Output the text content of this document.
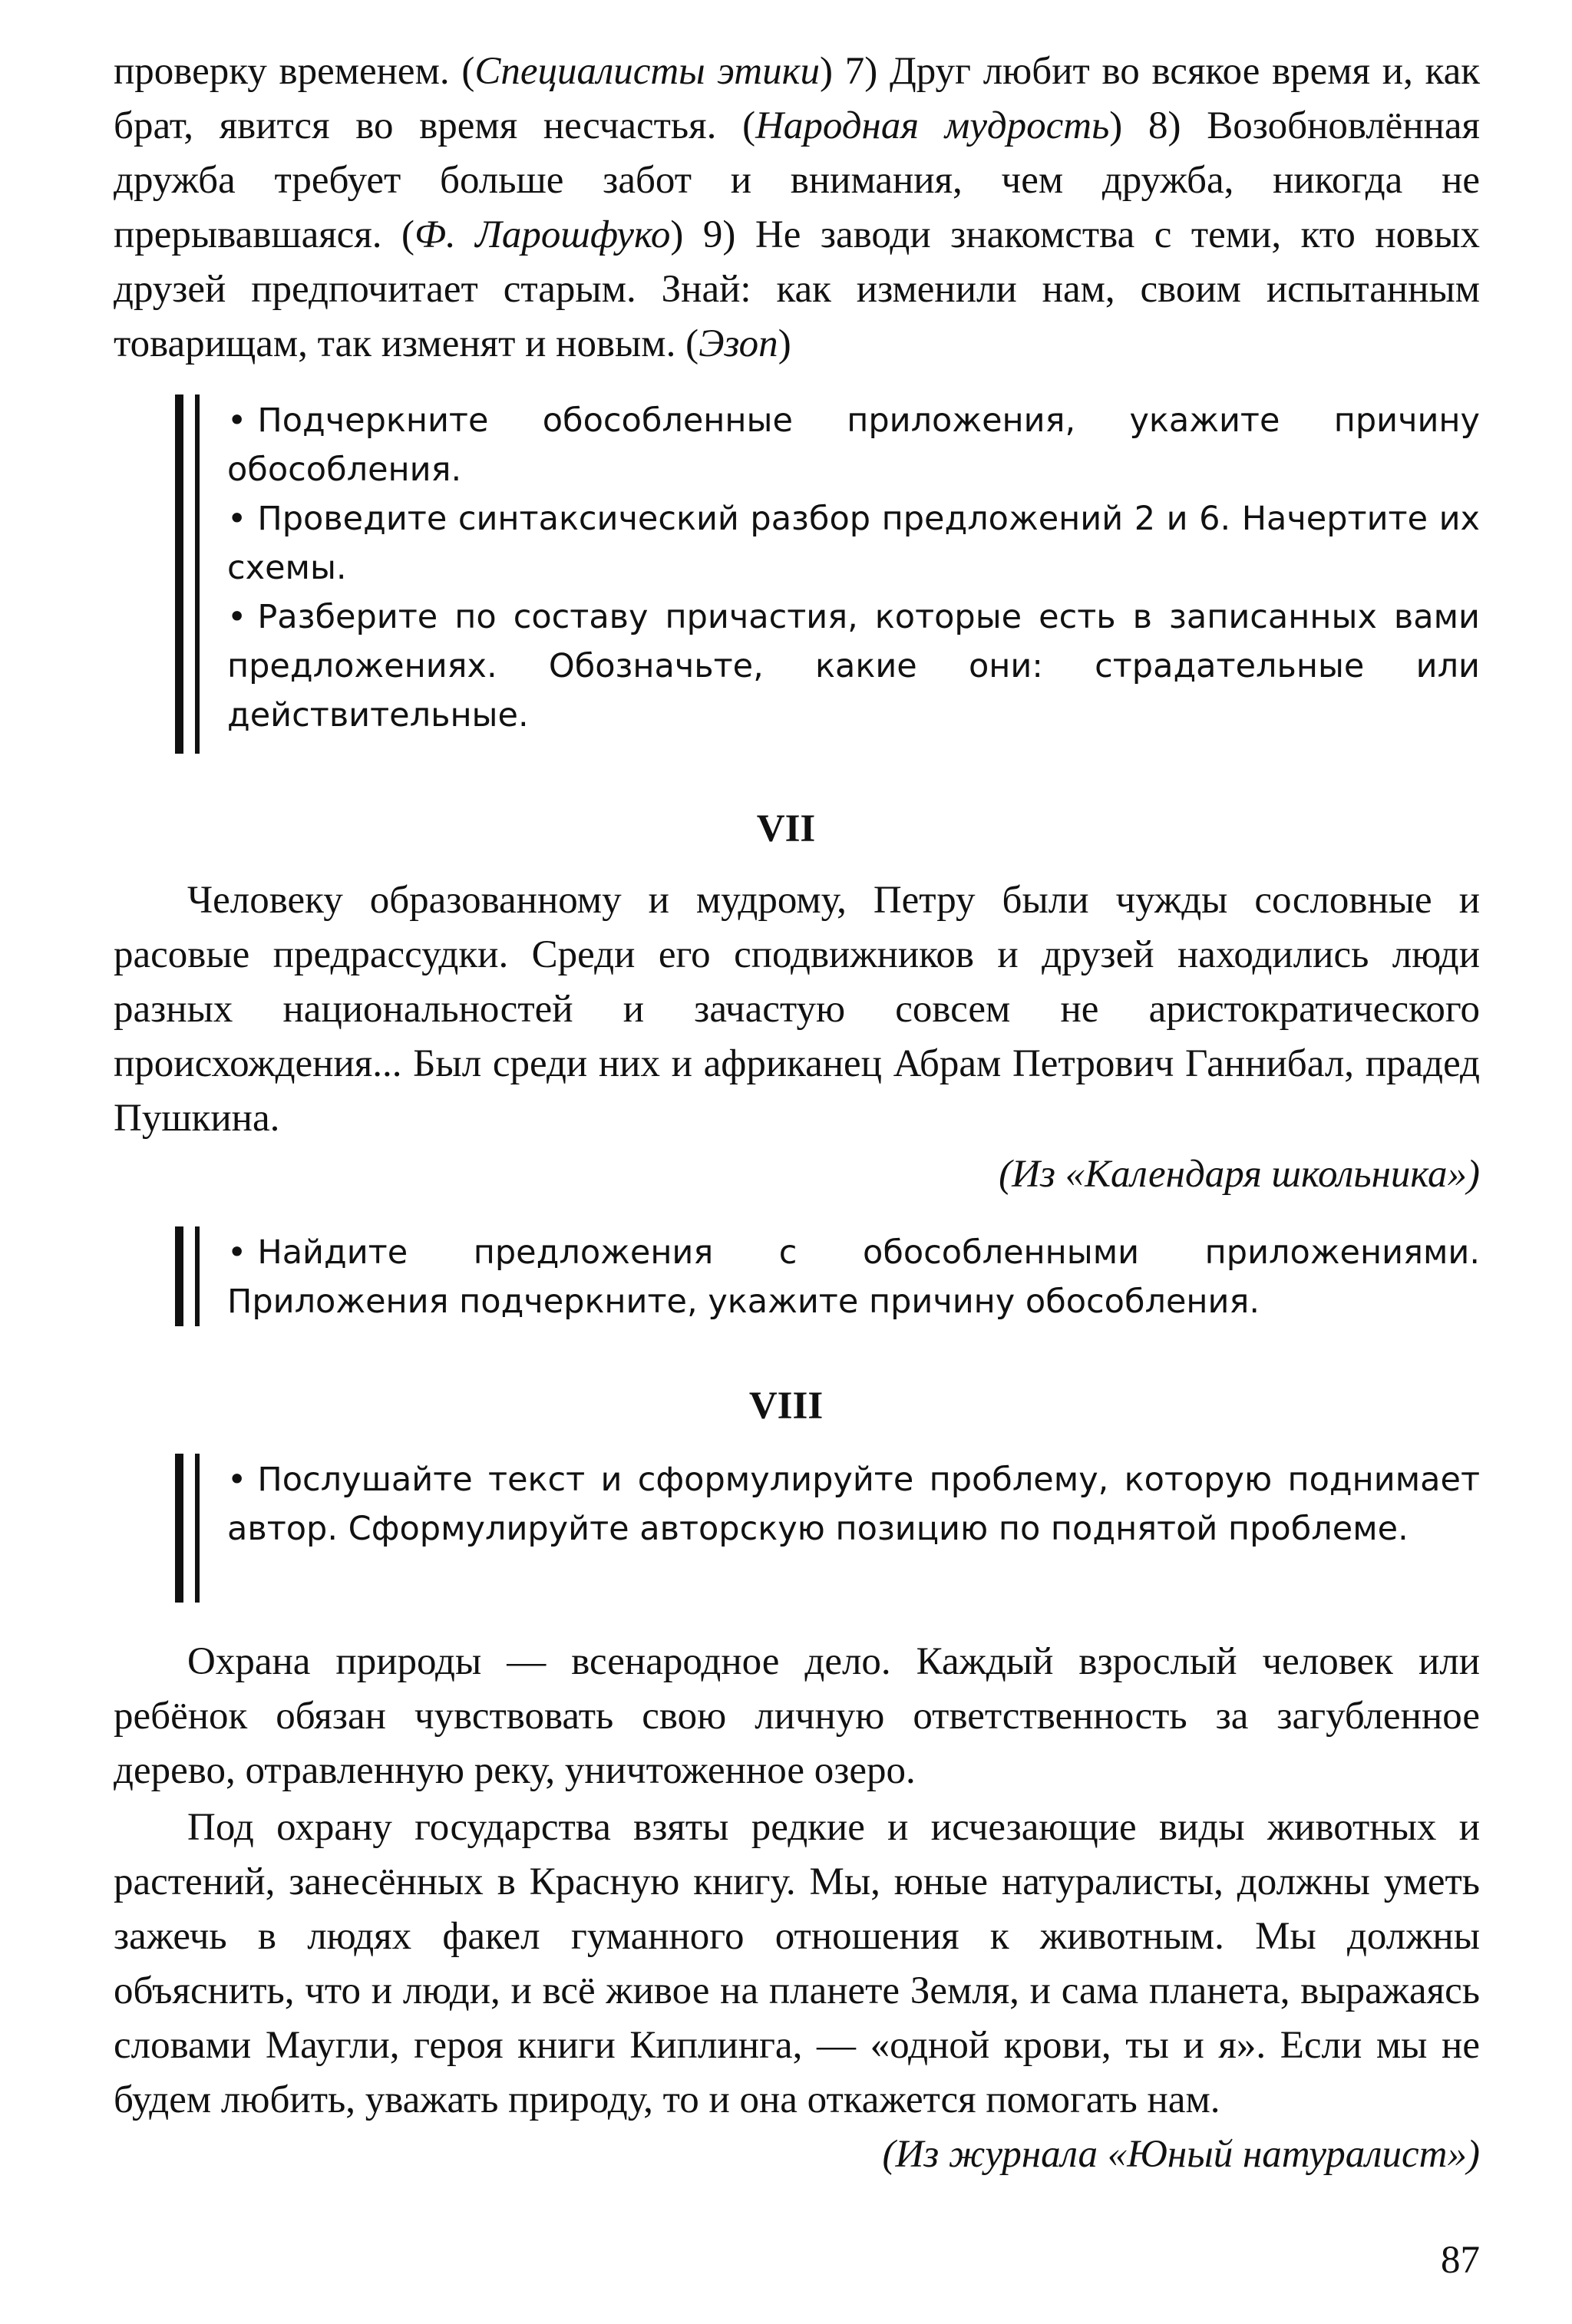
проверку временем. (Специалисты этики) 7) Друг любит во всякое время и, как брат, явится во время несчастья. (Народная мудрость) 8) Возобновлённая дружба требует больше забот и внимания, чем дружба, никогда не прерывавшаяся. (Ф. Ларошфуко) 9) Не заводи знакомства с теми, кто новых друзей предпочитает старым. Знай: как изменили нам, своим испытанным товарищам, так изменят и новым. (Эзоп)

• Подчеркните обособленные приложения, укажите причину обособления.
• Проведите синтаксический разбор предложений 2 и 6. Начертите их схемы.
• Разберите по составу причастия, которые есть в записанных вами предложениях. Обозначьте, какие они: страдательные или действительные.

VII

Человеку образованному и мудрому, Петру были чужды сословные и расовые предрассудки. Среди его сподвижников и друзей находились люди разных национальностей и зачастую совсем не аристократического происхождения... Был среди них и африканец Абрам Петрович Ганнибал, прадед Пушкина.

(Из «Календаря школьника»)

• Найдите предложения с обособленными приложениями. Приложения подчеркните, укажите причину обособления.

VIII

• Послушайте текст и сформулируйте проблему, которую поднимает автор. Сформулируйте авторскую позицию по поднятой проблеме.

Охрана природы — всенародное дело. Каждый взрослый человек или ребёнок обязан чувствовать свою личную ответственность за загубленное дерево, отравленную реку, уничтоженное озеро.

Под охрану государства взяты редкие и исчезающие виды животных и растений, занесённых в Красную книгу. Мы, юные натуралисты, должны уметь зажечь в людях факел гуманного отношения к животным. Мы должны объяснить, что и люди, и всё живое на планете Земля, и сама планета, выражаясь словами Маугли, героя книги Киплинга, — «одной крови, ты и я». Если мы не будем любить, уважать природу, то и она откажется помогать нам.

(Из журнала «Юный натуралист»)

87
